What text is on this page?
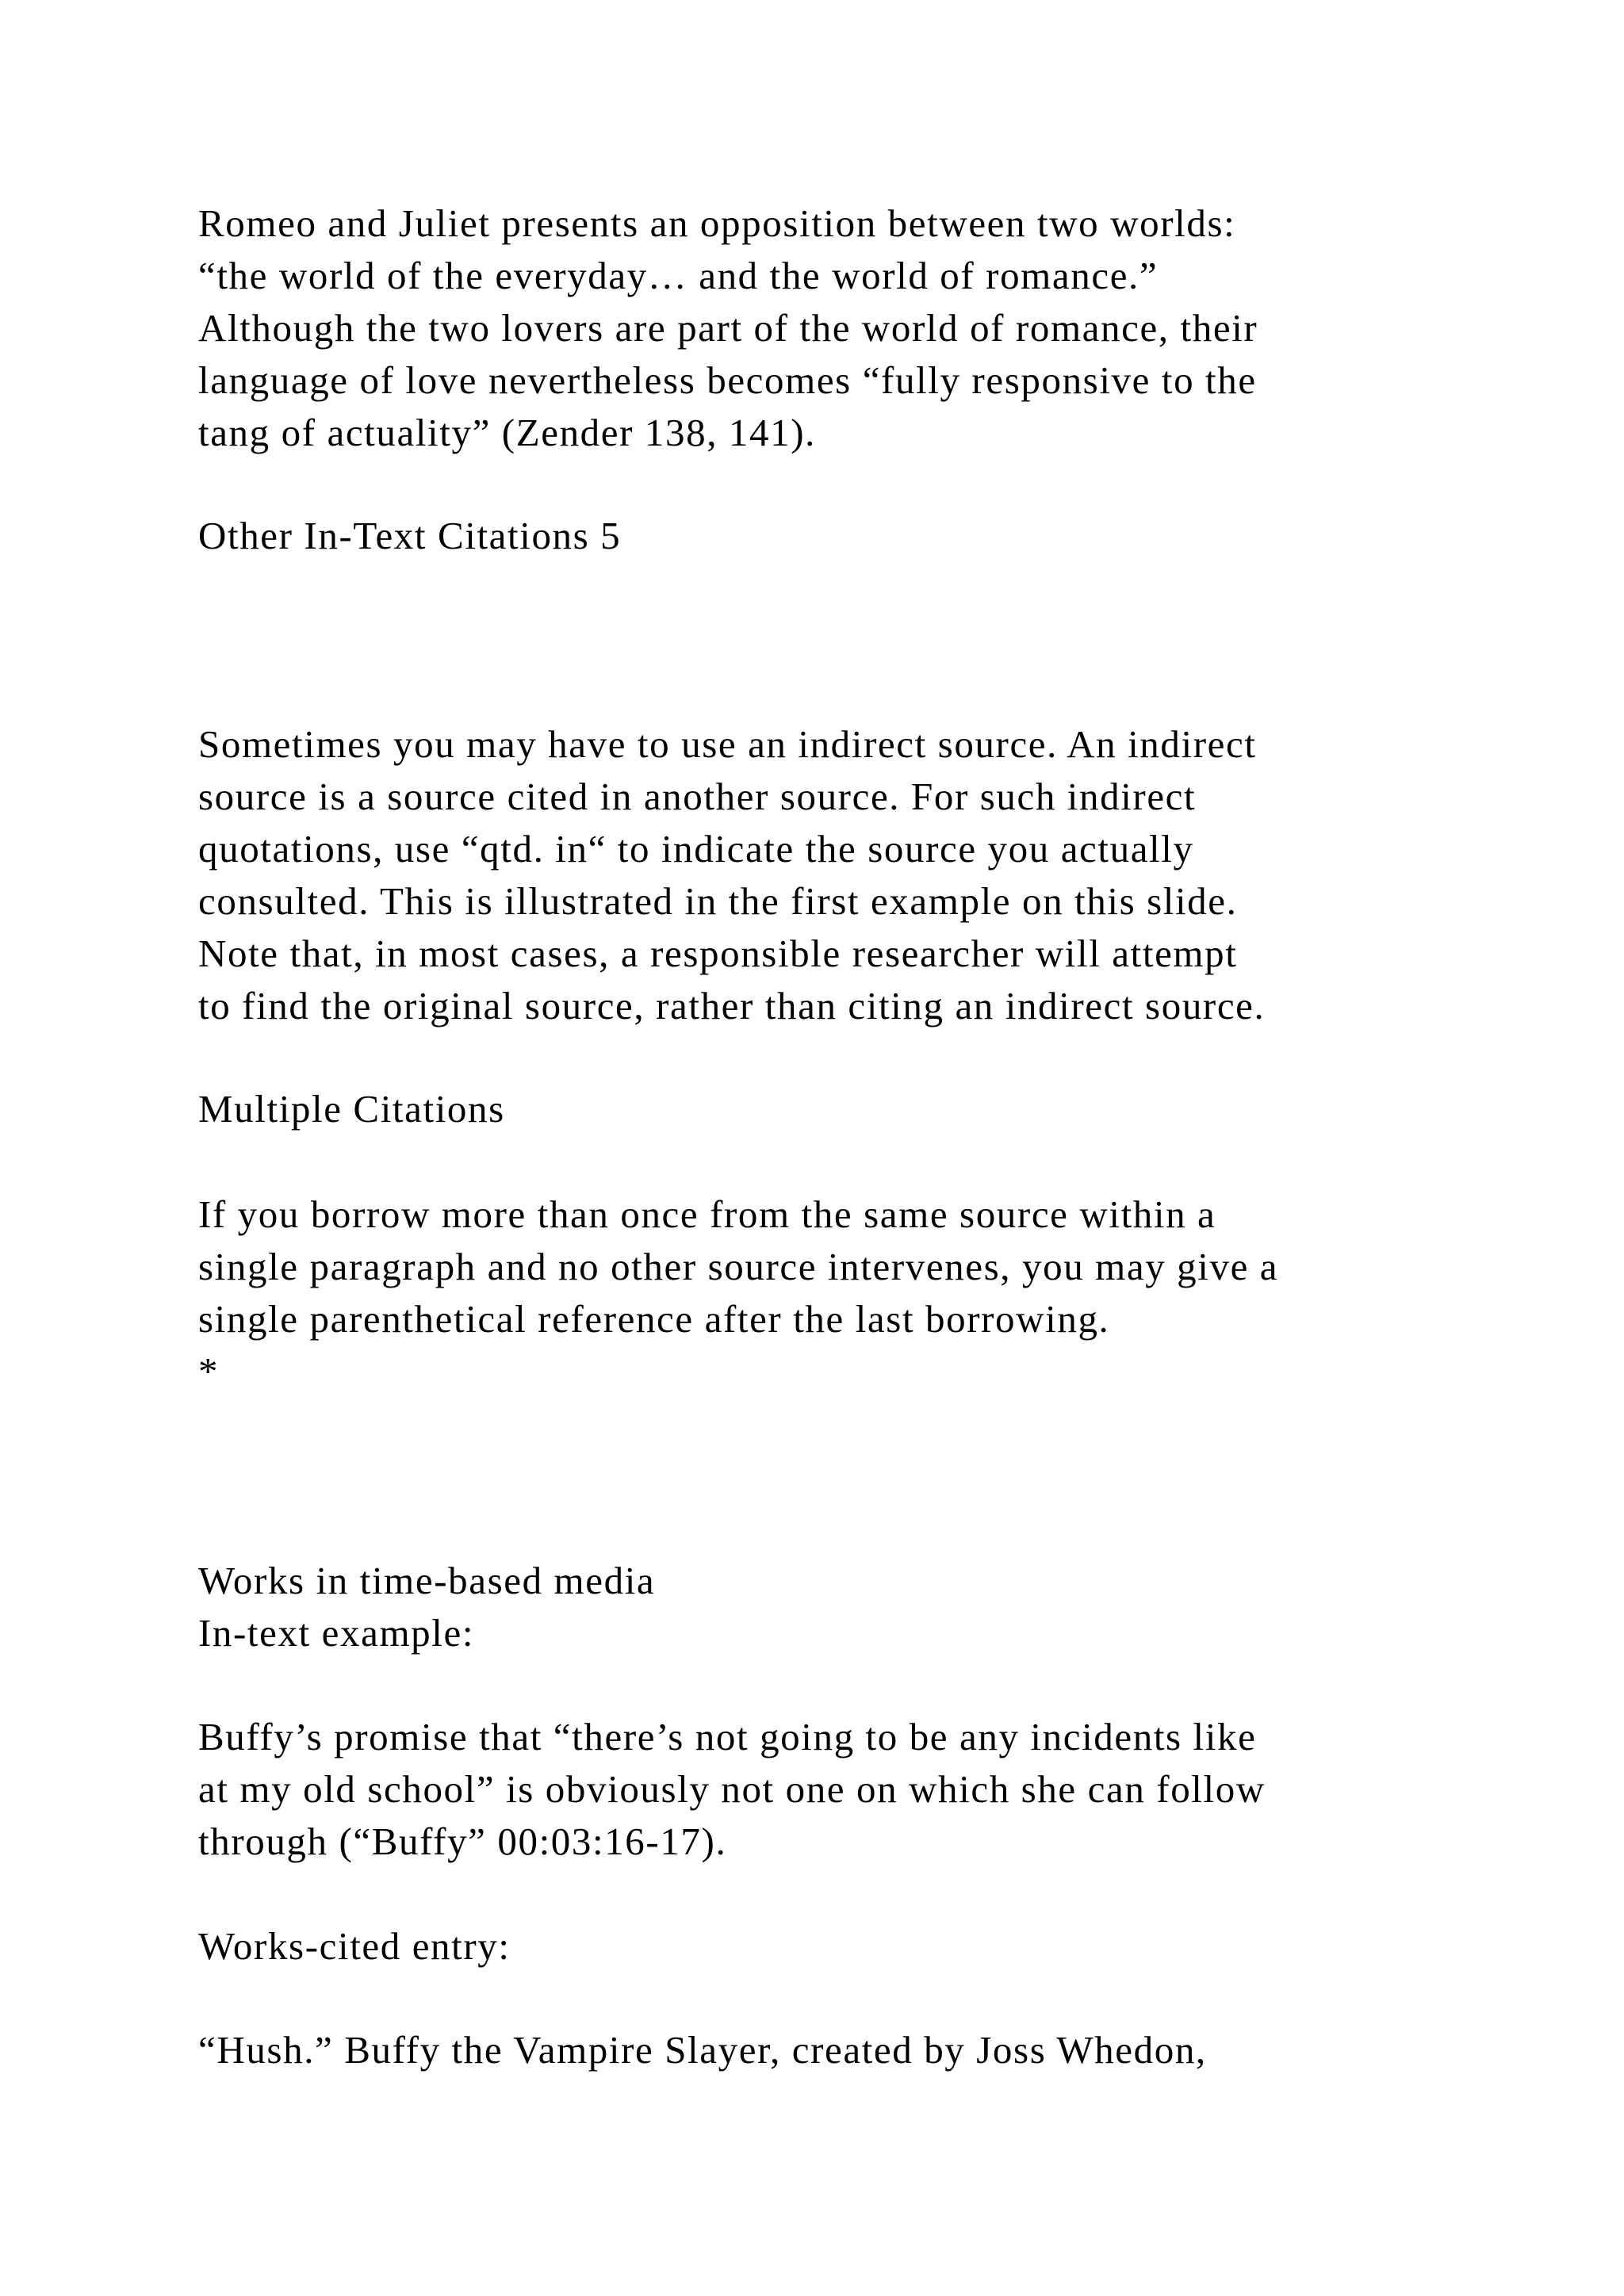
Romeo and Juliet presents an opposition between two worlds:

“the world of the everyday… and the world of romance.”

Although the two lovers are part of the world of romance, their

language of love nevertheless becomes “fully responsive to the

tang of actuality” (Zender 138, 141).

Other In-Text Citations 5

Sometimes you may have to use an indirect source. An indirect

source is a source cited in another source. For such indirect

quotations, use “qtd. in“ to indicate the source you actually

consulted. This is illustrated in the first example on this slide.

Note that, in most cases, a responsible researcher will attempt

to find the original source, rather than citing an indirect source.

Multiple Citations

If you borrow more than once from the same source within a

single paragraph and no other source intervenes, you may give a

single parenthetical reference after the last borrowing.

*

Works in time-based media

In-text example:

Buffy’s promise that “there’s not going to be any incidents like

at my old school” is obviously not one on which she can follow

through (“Buffy” 00:03:16-17).

Works-cited entry:

“Hush.” Buffy the Vampire Slayer, created by Joss Whedon,
